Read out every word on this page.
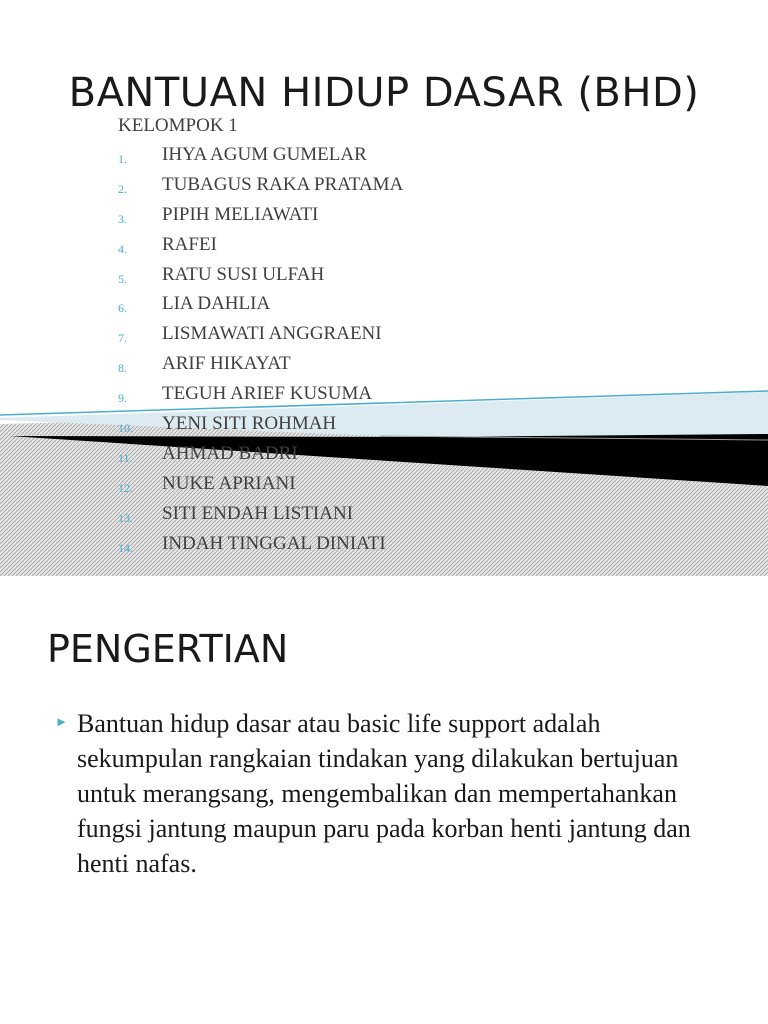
BANTUAN HIDUP DASAR (BHD)

KELOMPOK 1

1. IHYA AGUM GUMELAR
2. TUBAGUS RAKA PRATAMA
3. PIPIH MELIAWATI
4. RAFEI
5. RATU SUSI ULFAH
6. LIA DAHLIA
7. LISMAWATI ANGGRAENI
8. ARIF HIKAYAT
9. TEGUH ARIEF KUSUMA
10. YENI SITI ROHMAH
11. AHMAD BADRI
12. NUKE APRIANI
13. SITI ENDAH LISTIANI
14. INDAH TINGGAL DINIATI
PENGERTIAN
► Bantuan hidup dasar atau basic life support adalah sekumpulan rangkaian tindakan yang dilakukan bertujuan untuk merangsang, mengembalikan dan mempertahankan fungsi jantung maupun paru pada korban henti jantung dan henti nafas.
